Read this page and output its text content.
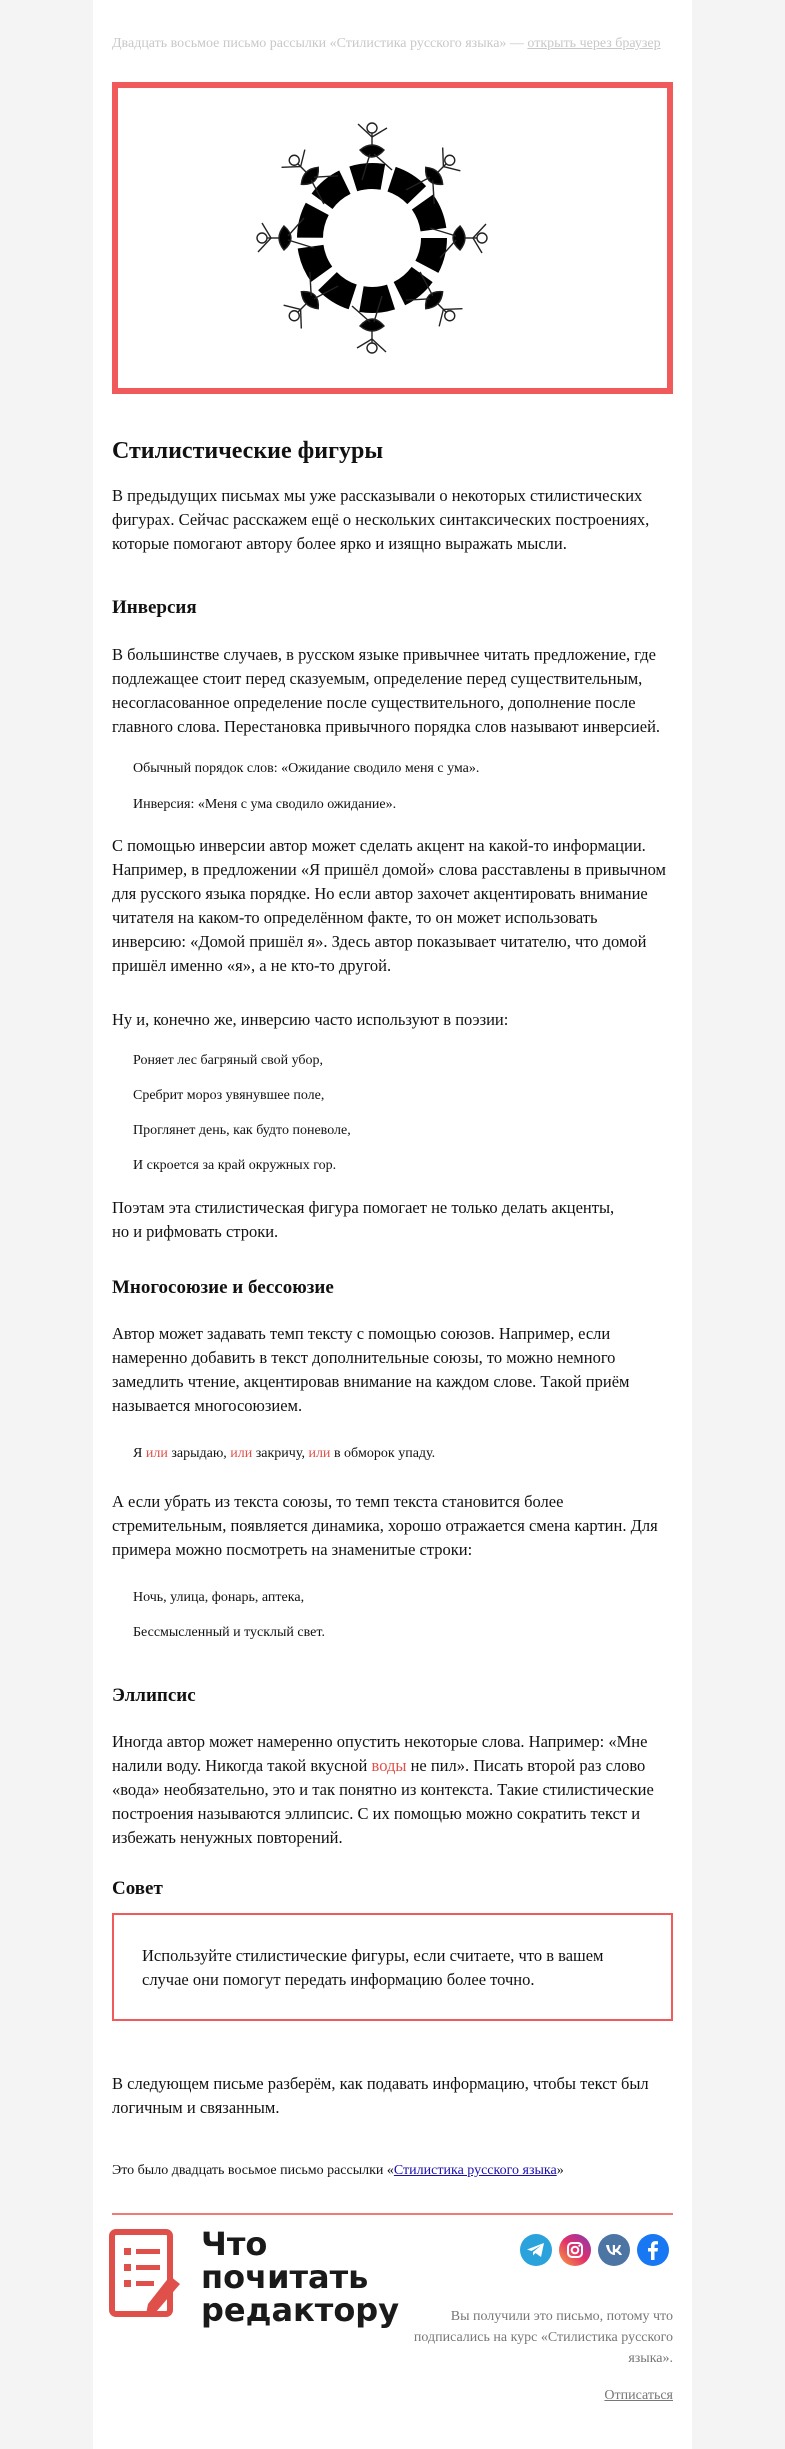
Двадцать восьмое письмо рассылки «Стилистика русского языка» — открыть через браузер
Стилистические фигуры
В предыдущих письмах мы уже рассказывали о некоторых стилистических фигурах. Сейчас расскажем ещё о нескольких синтаксических построениях, которые помогают автору более ярко и изящно выражать мысли.
Инверсия
В большинстве случаев, в русском языке привычнее читать предложение, где подлежащее стоит перед сказуемым, определение перед существительным, несогласованное определение после существительного, дополнение после главного слова. Перестановка привычного порядка слов называют инверсией.
Обычный порядок слов: «Ожидание сводило меня с ума».
Инверсия: «Меня с ума сводило ожидание».
С помощью инверсии автор может сделать акцент на какой-то информации. Например, в предложении «Я пришёл домой» слова расставлены в привычном для русского языка порядке. Но если автор захочет акцентировать внимание читателя на каком-то определённом факте, то он может использовать инверсию: «Домой пришёл я». Здесь автор показывает читателю, что домой пришёл именно «я», а не кто-то другой.
Ну и, конечно же, инверсию часто используют в поэзии:
Роняет лес багряный свой убор,
Сребрит мороз увянувшее поле,
Проглянет день, как будто поневоле,
И скроется за край окружных гор.
Поэтам эта стилистическая фигура помогает не только делать акценты,
но и рифмовать строки.
Многосоюзие и бессоюзие
Автор может задавать темп тексту с помощью союзов. Например, если намеренно добавить в текст дополнительные союзы, то можно немного замедлить чтение, акцентировав внимание на каждом слове. Такой приём называется многосоюзием.
Я или зарыдаю, или закричу, или в обморок упаду.
А если убрать из текста союзы, то темп текста становится более стремительным, появляется динамика, хорошо отражается смена картин. Для примера можно посмотреть на знаменитые строки:
Ночь, улица, фонарь, аптека,
Бессмысленный и тусклый свет.
Эллипсис
Иногда автор может намеренно опустить некоторые слова. Например: «Мне налили воду. Никогда такой вкусной воды не пил». Писать второй раз слово «вода» необязательно, это и так понятно из контекста. Такие стилистические построения называются эллипсис. С их помощью можно сократить текст и избежать ненужных повторений.
Совет
Используйте стилистические фигуры, если считаете, что в вашем случае они помогут передать информацию более точно.
В следующем письме разберём, как подавать информацию, чтобы текст был логичным и связанным.
Это было двадцать восьмое письмо рассылки «Стилистика русского языка»
Что
почитать
редактору	Вы получили это письмо, потому что подписались на курс «Стилистика русского языка».
Отписаться
